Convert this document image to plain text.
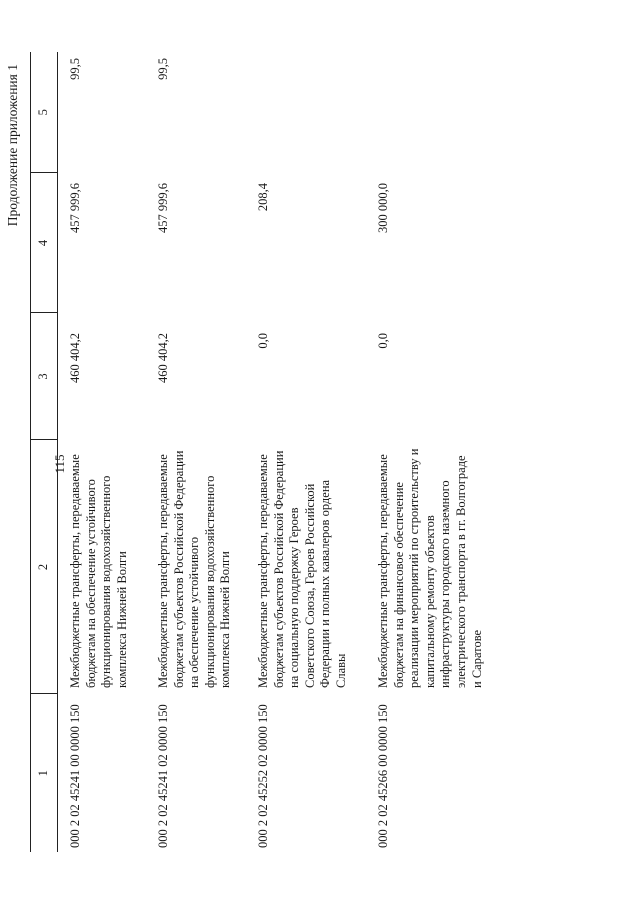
115
Продолжение приложения 1
1	2	3	4	5
000 2 02 45241 00 0000 150	Межбюджетные трансферты, передаваемые бюджетам на обеспечение устойчивого функционирования водохозяйственного комплекса Нижней Волги	460 404,2	457 999,6	99,5
000 2 02 45241 02 0000 150	Межбюджетные трансферты, передаваемые бюджетам субъектов Российской Федерации на обеспечение устойчивого функционирования водохозяйственного комплекса Нижней Волги	460 404,2	457 999,6	99,5
000 2 02 45252 02 0000 150	Межбюджетные трансферты, передаваемые бюджетам субъектов Российской Федерации на социальную поддержку Героев Советского Союза, Героев Российской Федерации и полных кавалеров ордена Славы	0,0	208,4	
000 2 02 45266 00 0000 150	Межбюджетные трансферты, передаваемые бюджетам на финансовое обеспечение реализации мероприятий по строительству и капитальному ремонту объектов инфраструктуры городского наземного электрического транспорта в гг. Волгограде и Саратове	0,0	300 000,0	
